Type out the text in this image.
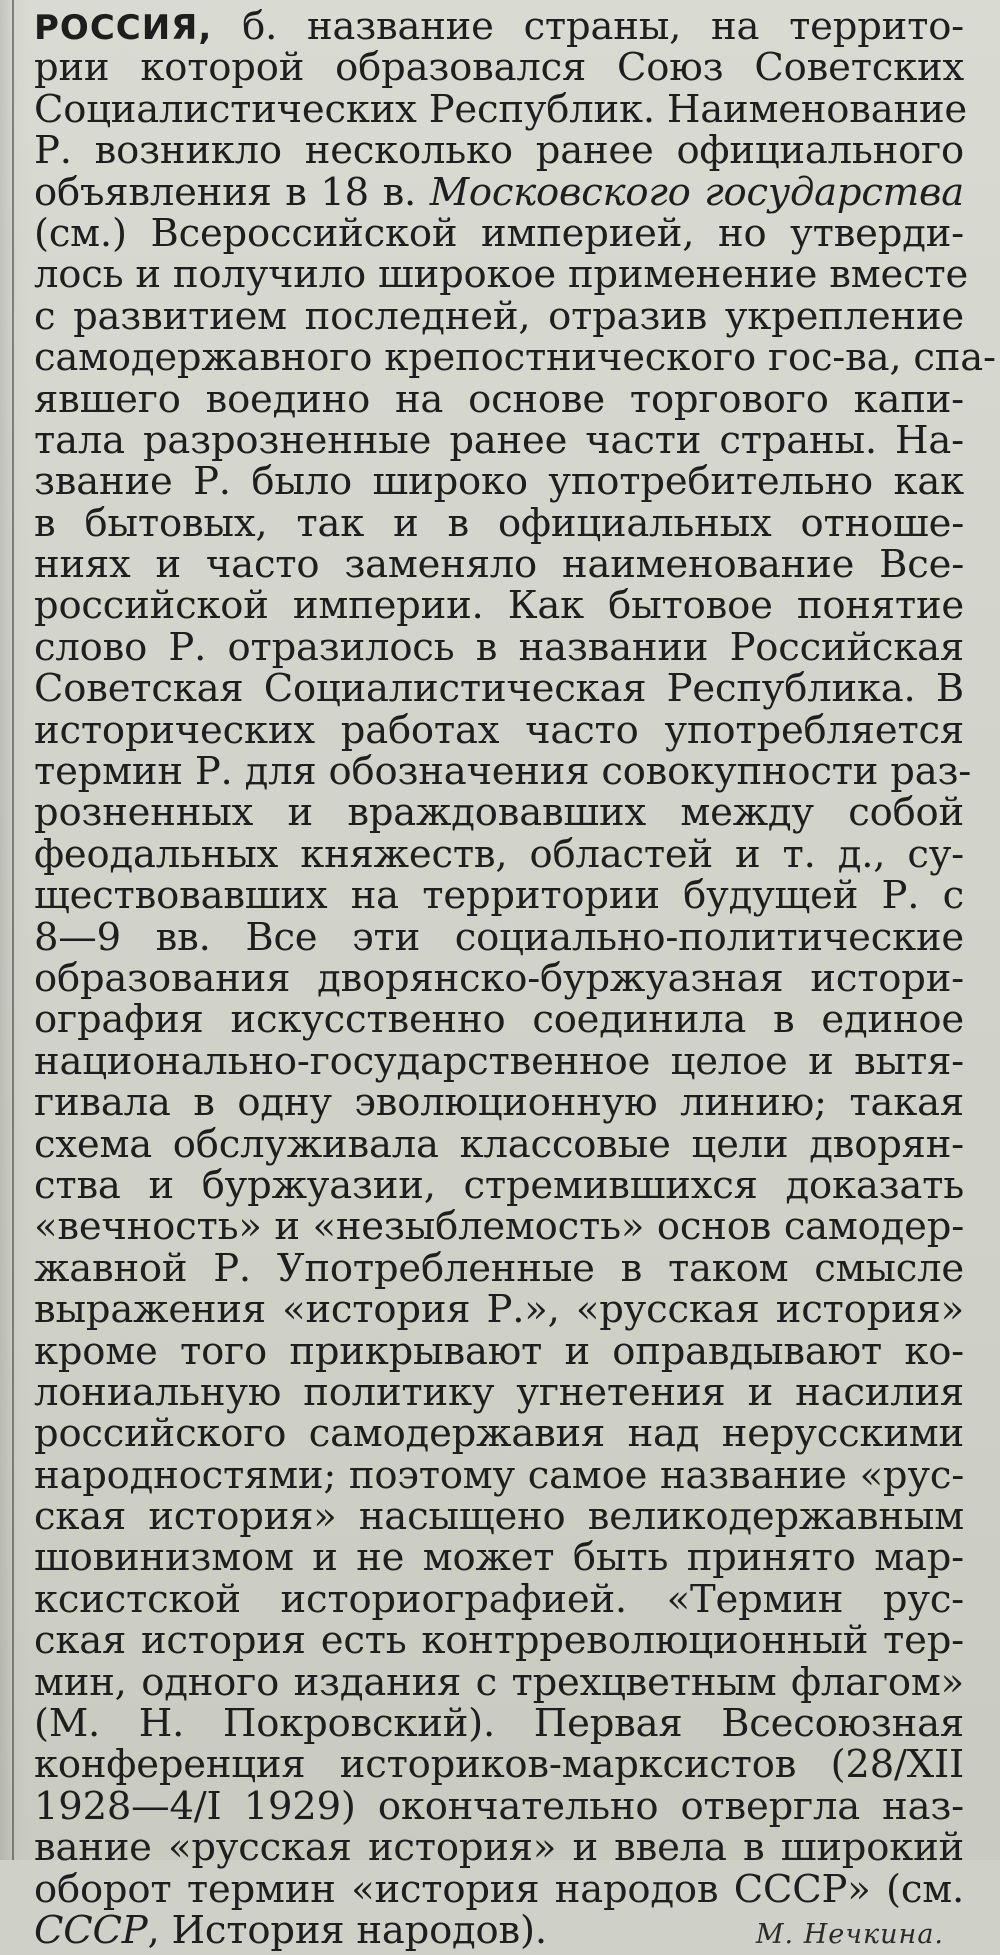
РОССИЯ, б. название страны, на террито-
рии которой образовался Союз Советских
Социалистических Республик. Наименование
Р. возникло несколько ранее официального
объявления в 18 в. Московского государства
(см.) Всероссийской империей, но утверди-
лось и получило широкое применение вместе
с развитием последней, отразив укрепление
самодержавного крепостнического гос-ва, спа-
явшего воедино на основе торгового капи-
тала разрозненные ранее части страны. На-
звание Р. было широко употребительно как
в бытовых, так и в официальных отноше-
ниях и часто заменяло наименование Все-
российской империи. Как бытовое понятие
слово Р. отразилось в названии Российская
Советская Социалистическая Республика. В
исторических работах часто употребляется
термин Р. для обозначения совокупности раз-
розненных и враждовавших между собой
феодальных княжеств, областей и т. д., су-
ществовавших на территории будущей Р. с
8—9 вв. Все эти социально-политические
образования дворянско-буржуазная истори-
ография искусственно соединила в единое
национально-государственное целое и вытя-
гивала в одну эволюционную линию; такая
схема обслуживала классовые цели дворян-
ства и буржуазии, стремившихся доказать
«вечность» и «незыблемость» основ самодер-
жавной Р. Употребленные в таком смысле
выражения «история Р.», «русская история»
кроме того прикрывают и оправдывают ко-
лониальную политику угнетения и насилия
российского самодержавия над нерусскими
народностями; поэтому самое название «рус-
ская история» насыщено великодержавным
шовинизмом и не может быть принято мар-
ксистской историографией. «Термин рус-
ская история есть контрреволюционный тер-
мин, одного издания с трехцветным флагом»
(М. Н. Покровский). Первая Всесоюзная
конференция историков-марксистов (28/XII
1928—4/I 1929) окончательно отвергла наз-
вание «русская история» и ввела в широкий
оборот термин «история народов СССР» (см.
СССР, История народов).	М. Нечкина.
